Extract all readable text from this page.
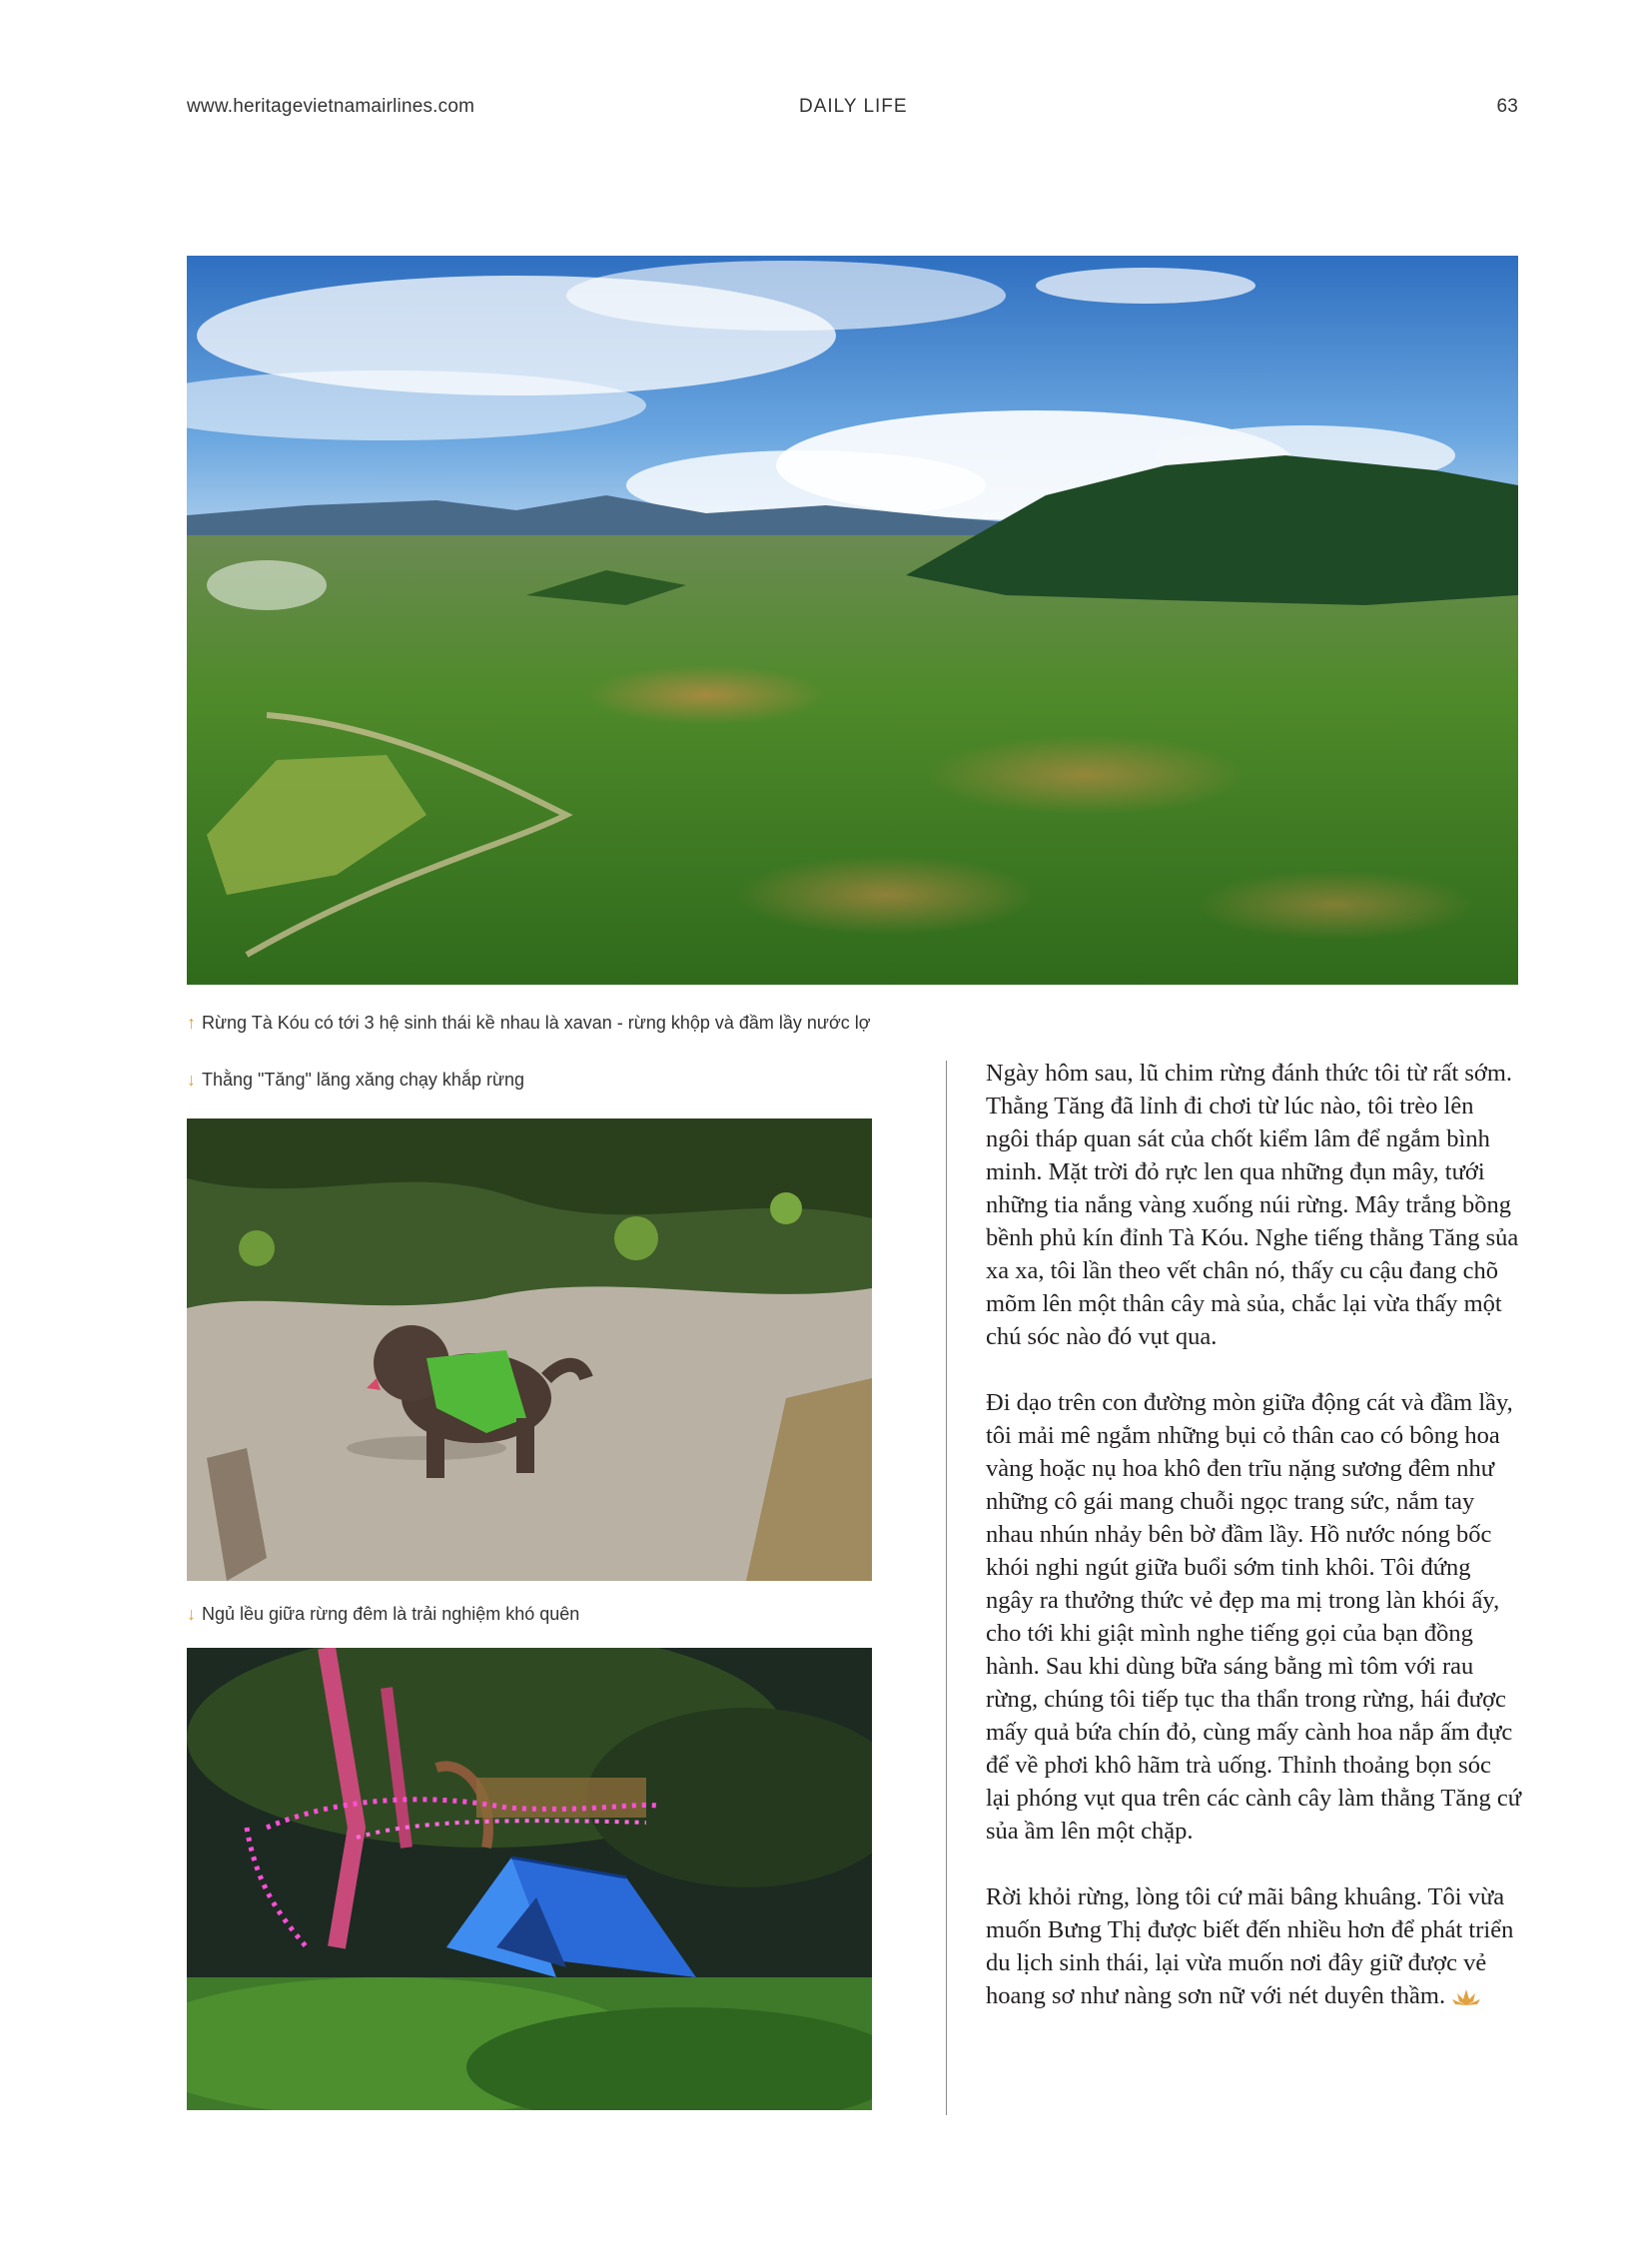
www.heritagevietnamairlines.com	DAILY LIFE	63
↑ Rừng Tà Kóu có tới 3 hệ sinh thái kề nhau là xavan - rừng khộp và đầm lầy nước lợ
↓ Thằng "Tăng" lăng xăng chạy khắp rừng
↓ Ngủ lều giữa rừng đêm là trải nghiệm khó quên

Ngày hôm sau, lũ chim rừng đánh thức tôi từ rất sớm. Thằng Tăng đã lỉnh đi chơi từ lúc nào, tôi trèo lên ngôi tháp quan sát của chốt kiểm lâm để ngắm bình minh. Mặt trời đỏ rực len qua những đụn mây, tưới những tia nắng vàng xuống núi rừng. Mây trắng bồng bềnh phủ kín đỉnh Tà Kóu. Nghe tiếng thằng Tăng sủa xa xa, tôi lần theo vết chân nó, thấy cu cậu đang chõ mõm lên một thân cây mà sủa, chắc lại vừa thấy một chú sóc nào đó vụt qua.

Đi dạo trên con đường mòn giữa động cát và đầm lầy, tôi mải mê ngắm những bụi cỏ thân cao có bông hoa vàng hoặc nụ hoa khô đen trĩu nặng sương đêm như những cô gái mang chuỗi ngọc trang sức, nắm tay nhau nhún nhảy bên bờ đầm lầy. Hồ nước nóng bốc khói nghi ngút giữa buổi sớm tinh khôi. Tôi đứng ngây ra thưởng thức vẻ đẹp ma mị trong làn khói ấy, cho tới khi giật mình nghe tiếng gọi của bạn đồng hành. Sau khi dùng bữa sáng bằng mì tôm với rau rừng, chúng tôi tiếp tục tha thẩn trong rừng, hái được mấy quả bứa chín đỏ, cùng mấy cành hoa nắp ấm đực để về phơi khô hãm trà uống. Thỉnh thoảng bọn sóc lại phóng vụt qua trên các cành cây làm thằng Tăng cứ sủa ầm lên một chặp.

Rời khỏi rừng, lòng tôi cứ mãi bâng khuâng. Tôi vừa muốn Bưng Thị được biết đến nhiều hơn để phát triển du lịch sinh thái, lại vừa muốn nơi đây giữ được vẻ hoang sơ như nàng sơn nữ với nét duyên thầm.
